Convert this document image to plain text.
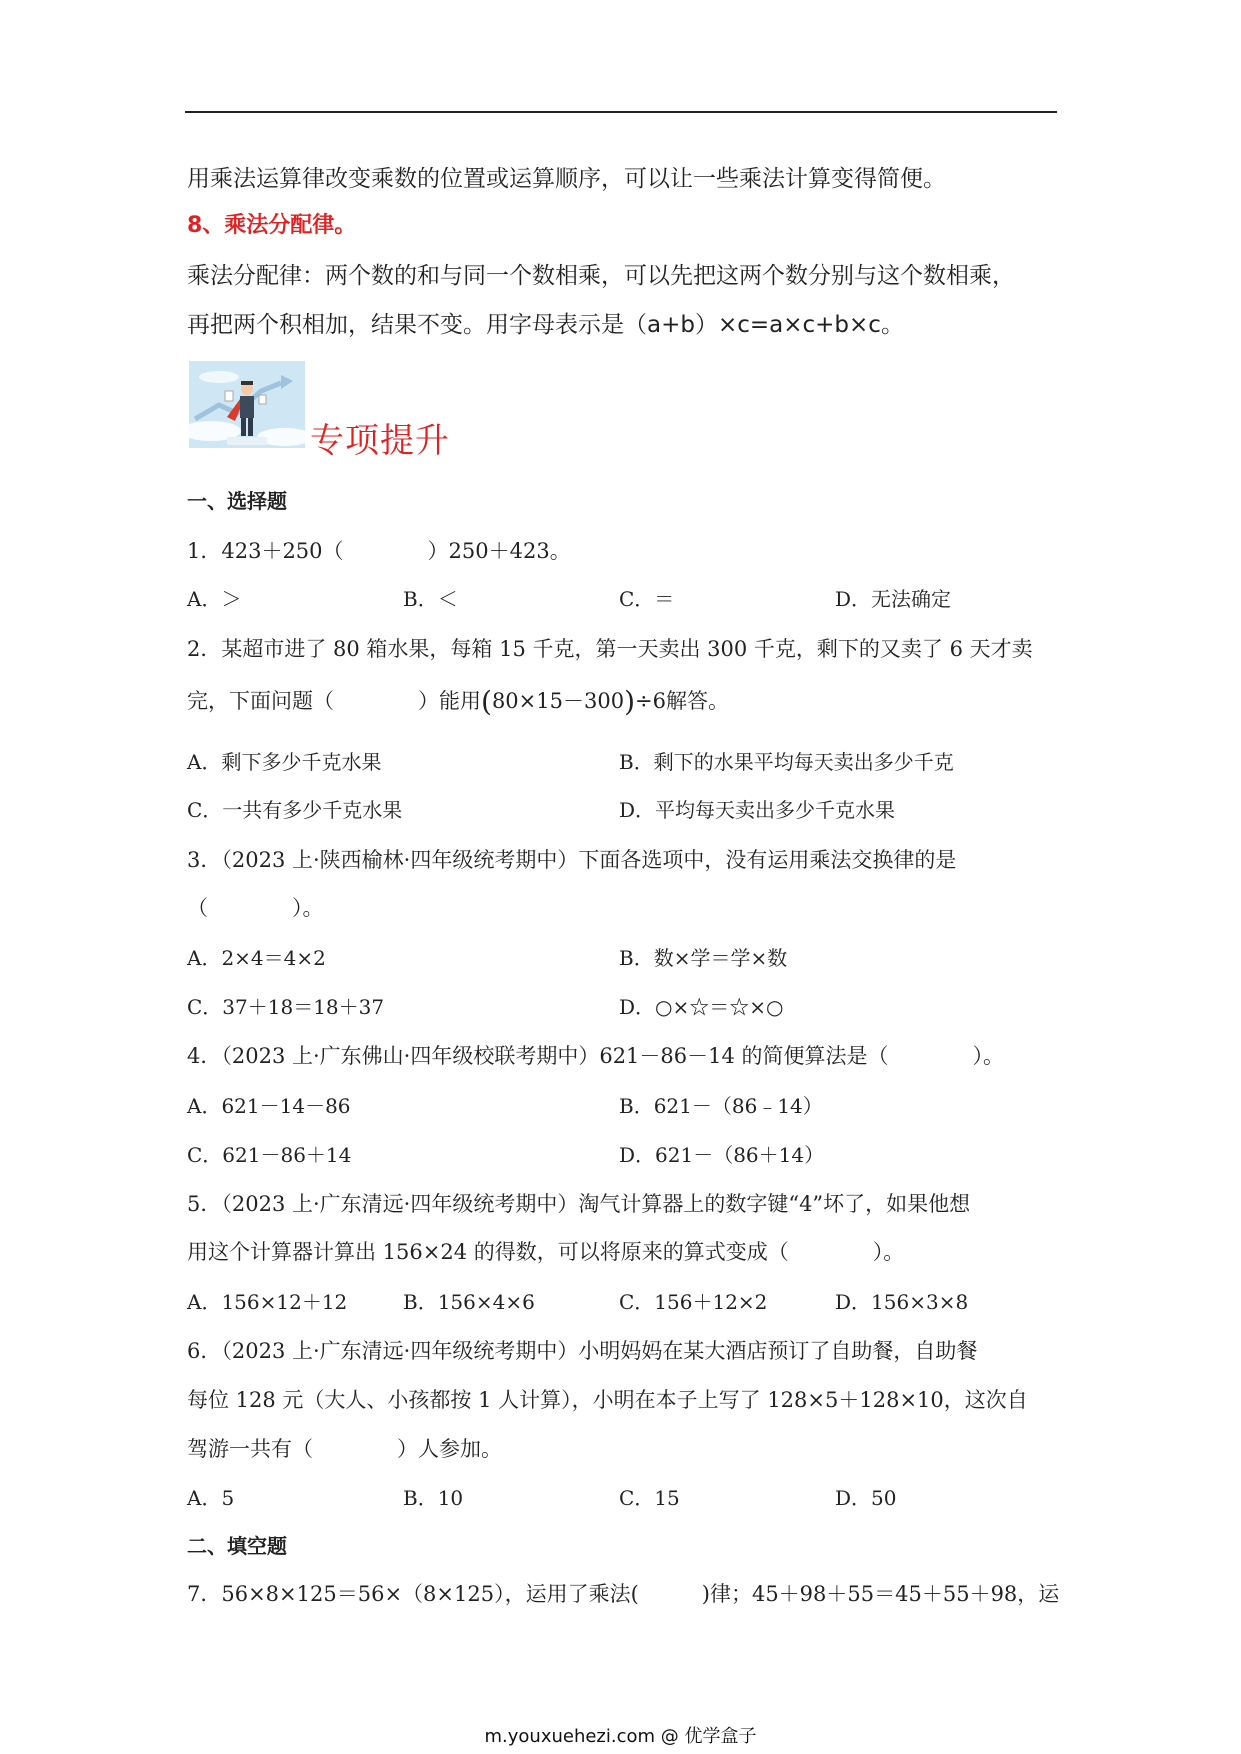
用乘法运算律改变乘数的位置或运算顺序，可以让一些乘法计算变得简便。
8、乘法分配律。
乘法分配律：两个数的和与同一个数相乘，可以先把这两个数分别与这个数相乘，
再把两个积相加，结果不变。用字母表示是（a+b）×c=a×c+b×c。
专项提升
一、选择题
1．423＋250（　　　　）250＋423。
A．＞	B．＜	C．＝	D．无法确定
2．某超市进了 80 箱水果，每箱 15 千克，第一天卖出 300 千克，剩下的又卖了 6 天才卖
完，下面问题（　　　　）能用(80×15－300)÷6解答。
A．剩下多少千克水果	B．剩下的水果平均每天卖出多少千克
C．一共有多少千克水果	D．平均每天卖出多少千克水果
3．（2023 上·陕西榆林·四年级统考期中）下面各选项中，没有运用乘法交换律的是
（　　　　）。
A．2×4＝4×2	B．数×学＝学×数
C．37＋18＝18＋37	D．○×☆＝☆×○
4．（2023 上·广东佛山·四年级校联考期中）621－86－14 的简便算法是（　　　　）。
A．621－14－86	B．621－（86﹣14）
C．621－86＋14	D．621－（86＋14）
5．（2023 上·广东清远·四年级统考期中）淘气计算器上的数字键“4”坏了，如果他想
用这个计算器计算出 156×24 的得数，可以将原来的算式变成（　　　　）。
A．156×12＋12	B．156×4×6	C．156＋12×2	D．156×3×8
6．（2023 上·广东清远·四年级统考期中）小明妈妈在某大酒店预订了自助餐，自助餐
每位 128 元（大人、小孩都按 1 人计算），小明在本子上写了 128×5＋128×10，这次自
驾游一共有（　　　　）人参加。
A．5	B．10	C．15	D．50
二、填空题
7．56×8×125＝56×（8×125），运用了乘法(　　　)律；45＋98＋55＝45＋55＋98，运
m.youxuehezi.com @ 优学盒子
